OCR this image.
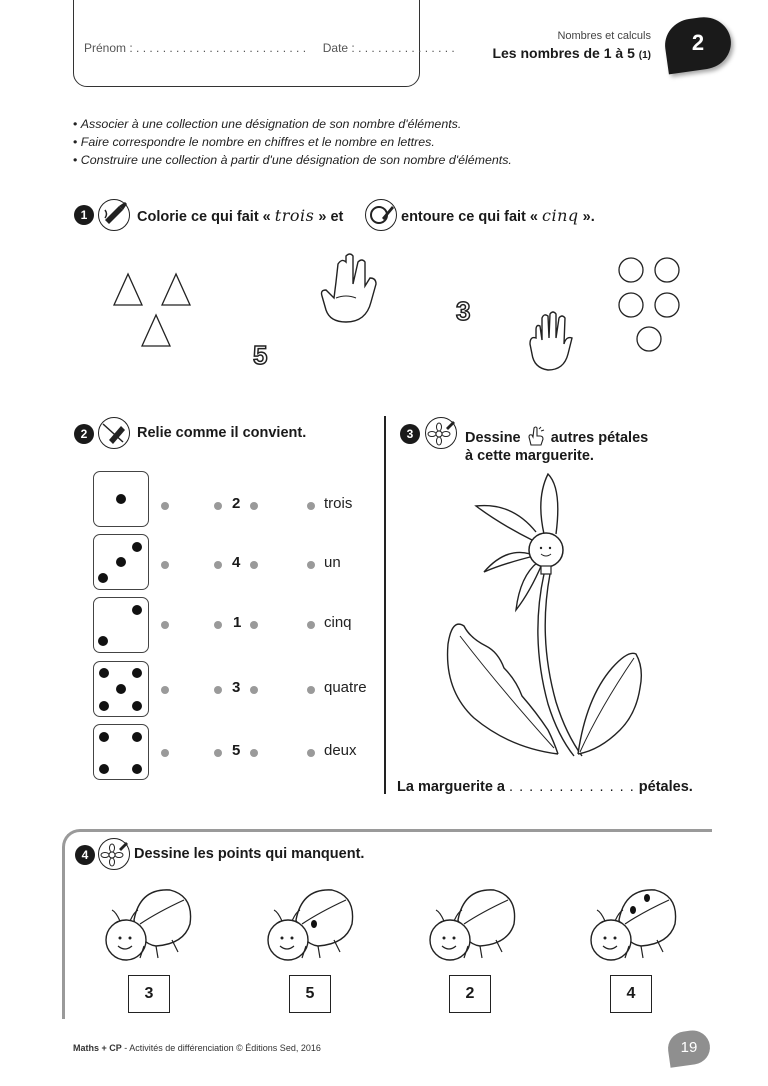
Prénom : . . . . . . . . . . . . . . . . . . . . . . . . . . Date : . . . . . . . . . . . . . . .
Nombres et calculs
Les nombres de 1 à 5 (1)
2
• Associer à une collection une désignation de son nombre d'éléments.
• Faire correspondre le nombre en chiffres et le nombre en lettres.
• Construire une collection à partir d'une désignation de son nombre d'éléments.
1	Colorie ce qui fait « trois » et	entoure ce qui fait « cinq ».
5
3
2	Relie comme il convient.
2	trois
4	un
1	cinq
3	quatre
5	deux
3	Dessine autres pétales
à cette marguerite.
La marguerite a . . . . . . . . . . . . . pétales.
4	Dessine les points qui manquent.
3	5	2	4
Maths + CP - Activités de différenciation © Éditions Sed, 2016	19
